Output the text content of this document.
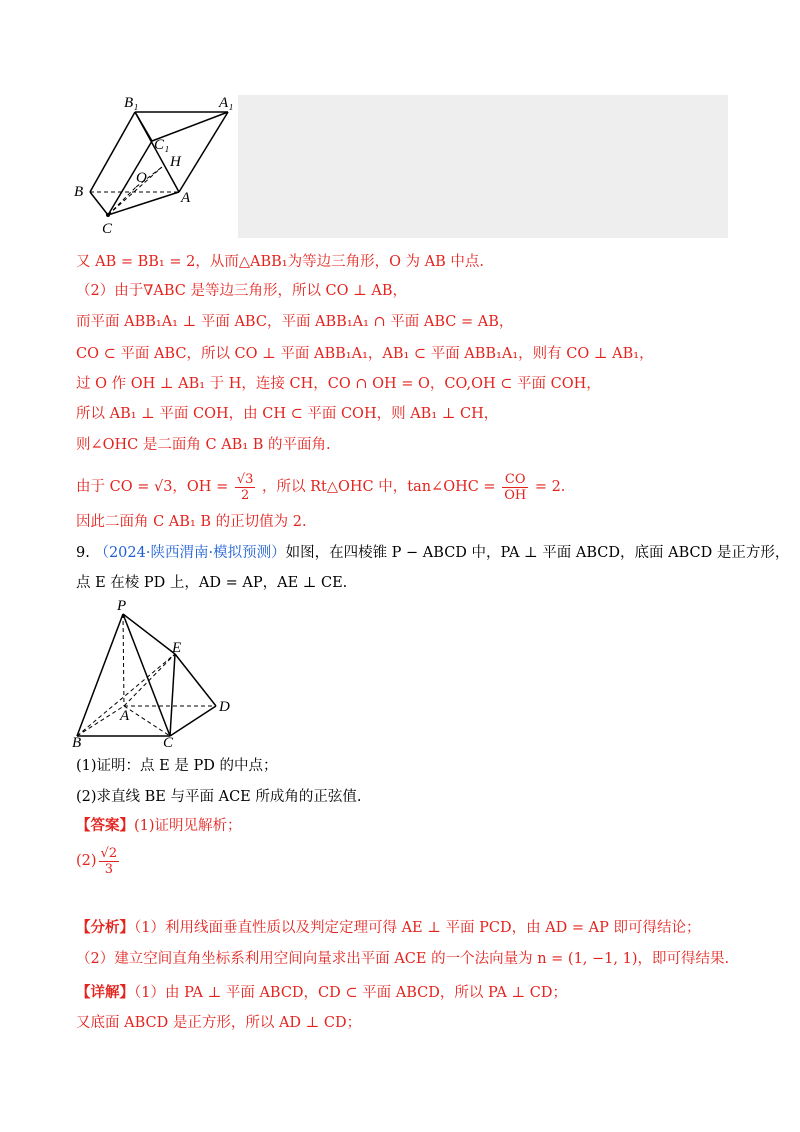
B₁	A₁
C₁
H
O
B	A
C
又 AB = BB₁ = 2，从而△ABB₁为等边三角形，O 为 AB 中点.
（2）由于∇ABC 是等边三角形，所以 CO ⊥ AB，
而平面 ABB₁A₁ ⊥ 平面 ABC，平面 ABB₁A₁ ∩ 平面 ABC = AB，
CO ⊂ 平面 ABC，所以 CO ⊥ 平面 ABB₁A₁，AB₁ ⊂ 平面 ABB₁A₁，则有 CO ⊥ AB₁，
过 O 作 OH ⊥ AB₁ 于 H，连接 CH，CO ∩ OH = O，CO,OH ⊂ 平面 COH，
所以 AB₁ ⊥ 平面 COH，由 CH ⊂ 平面 COH，则 AB₁ ⊥ CH，
则∠OHC 是二面角 C AB₁ B 的平面角.
由于 CO = √3，OH = $\frac{√3}{2}$ ，所以 Rt△OHC 中，tan∠OHC = $\frac{CO}{OH} = 2$.
因此二面角 C AB₁ B 的正切值为 2.
9. （2024·陕西渭南·模拟预测）如图，在四棱锥 P − ABCD 中，PA ⊥ 平面 ABCD，底面 ABCD 是正方形，
点 E 在棱 PD 上，AD = AP，AE ⊥ CE.
P
E
A
D
B	C
(1)证明：点 E 是 PD 的中点；
(2)求直线 BE 与平面 ACE 所成角的正弦值.
【答案】(1)证明见解析；
$(2) \frac{√2}{3}$
【分析】（1）利用线面垂直性质以及判定定理可得 AE ⊥ 平面 PCD，由 AD = AP 即可得结论；
（2）建立空间直角坐标系利用空间向量求出平面 ACE 的一个法向量为 n = (1, −1, 1)，即可得结果.
【详解】（1）由 PA ⊥ 平面 ABCD，CD ⊂ 平面 ABCD，所以 PA ⊥ CD；
又底面 ABCD 是正方形，所以 AD ⊥ CD；
